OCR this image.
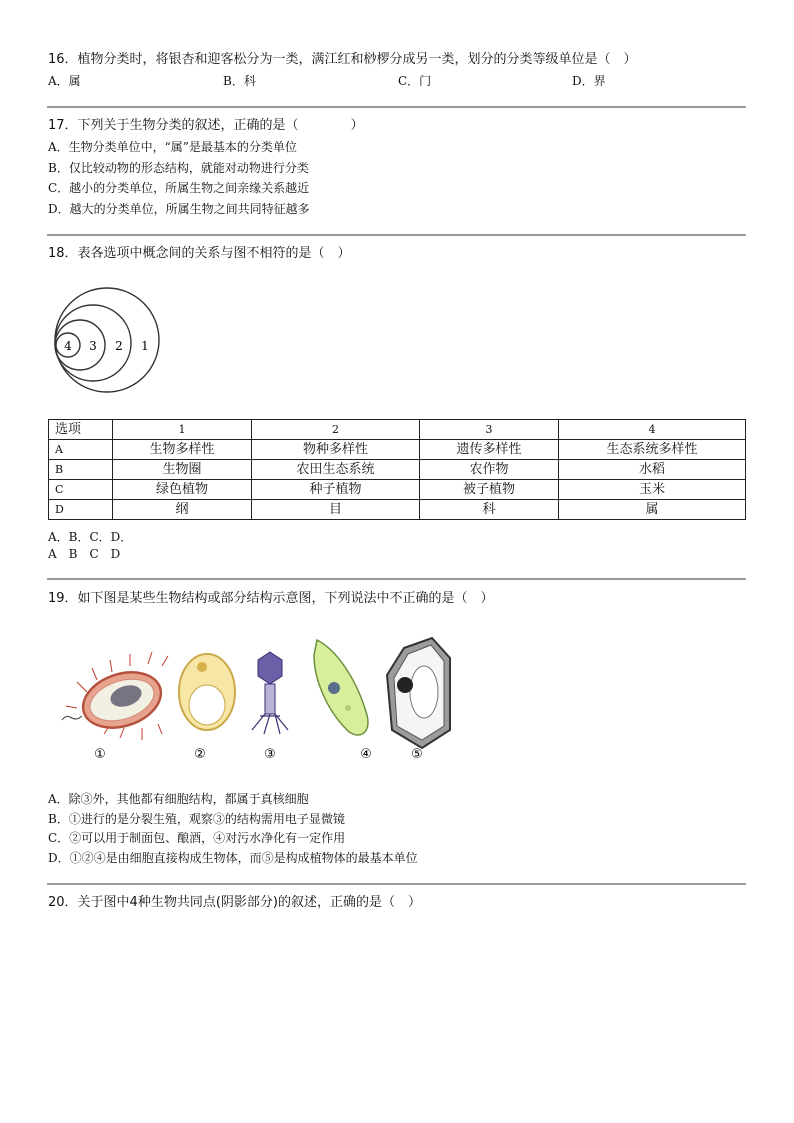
16．植物分类时，将银杏和迎客松分为一类，满江红和桫椤分成另一类，划分的分类等级单位是（　）
A．属	B．科	C．门	D．界
17．下列关于生物分类的叙述，正确的是（　　　　）
A．生物分类单位中，“属”是最基本的分类单位
B．仅比较动物的形态结构，就能对动物进行分类
C．越小的分类单位，所属生物之间亲缘关系越近
D．越大的分类单位，所属生物之间共同特征越多
18．表各选项中概念间的关系与图不相符的是（　）
4 3 2 1
选项	1	2	3	4
A	生物多样性	物种多样性	遗传多样性	生态系统多样性
B	生物圈	农田生态系统	农作物	水稻
C	绿色植物	种子植物	被子植物	玉米
D	纲	目	科	属
A．B．C．D．
A　B　C　D
19．如下图是某些生物结构或部分结构示意图，下列说法中不正确的是（　）
①	②	③	④	⑤
A．除③外，其他都有细胞结构，都属于真核细胞
B．①进行的是分裂生殖，观察③的结构需用电子显微镜
C．②可以用于制面包、酿酒，④对污水净化有一定作用
D．①②④是由细胞直接构成生物体，而⑤是构成植物体的最基本单位
20．关于图中4种生物共同点(阴影部分)的叙述，正确的是（　）
